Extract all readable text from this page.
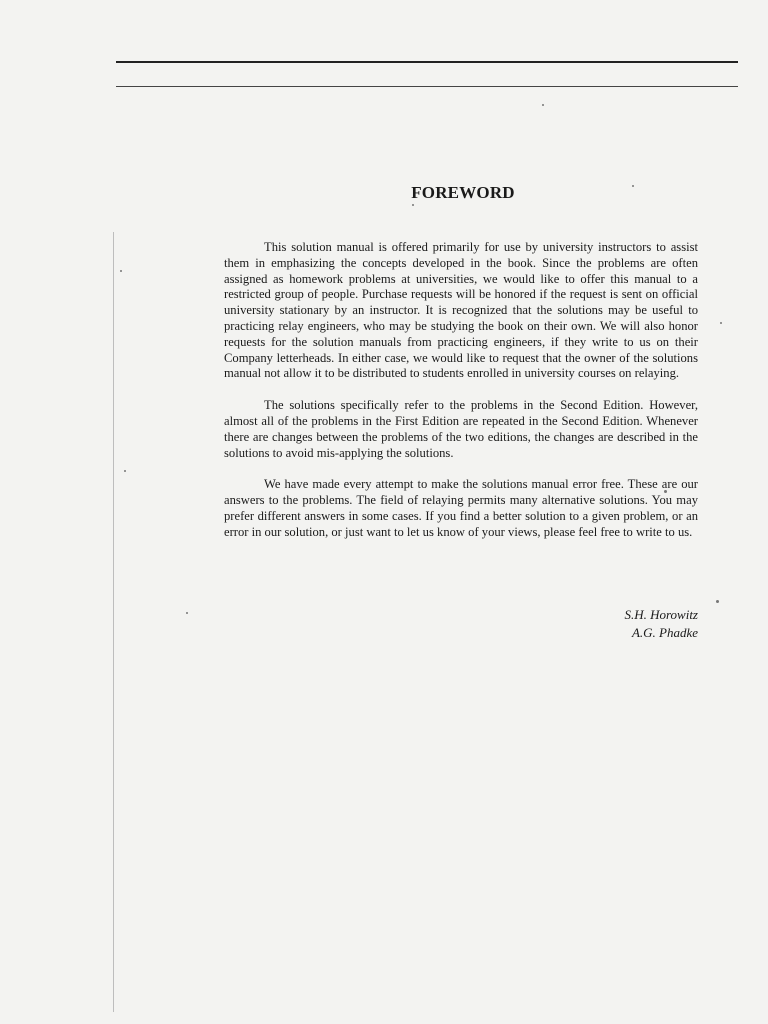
FOREWORD

This solution manual is offered primarily for use by university instructors to assist them in emphasizing the concepts developed in the book. Since the problems are often assigned as homework problems at universities, we would like to offer this manual to a restricted group of people. Purchase requests will be honored if the request is sent on official university stationary by an instructor. It is recognized that the solutions may be useful to practicing relay engineers, who may be studying the book on their own. We will also honor requests for the solution manuals from practicing engineers, if they write to us on their Company letterheads. In either case, we would like to request that the owner of the solutions manual not allow it to be distributed to students enrolled in university courses on relaying.

The solutions specifically refer to the problems in the Second Edition. However, almost all of the problems in the First Edition are repeated in the Second Edition. Whenever there are changes between the problems of the two editions, the changes are described in the solutions to avoid mis-applying the solutions.

We have made every attempt to make the solutions manual error free. These are our answers to the problems. The field of relaying permits many alternative solutions. You may prefer different answers in some cases. If you find a better solution to a given problem, or an error in our solution, or just want to let us know of your views, please feel free to write to us.

S.H. Horowitz
A.G. Phadke
